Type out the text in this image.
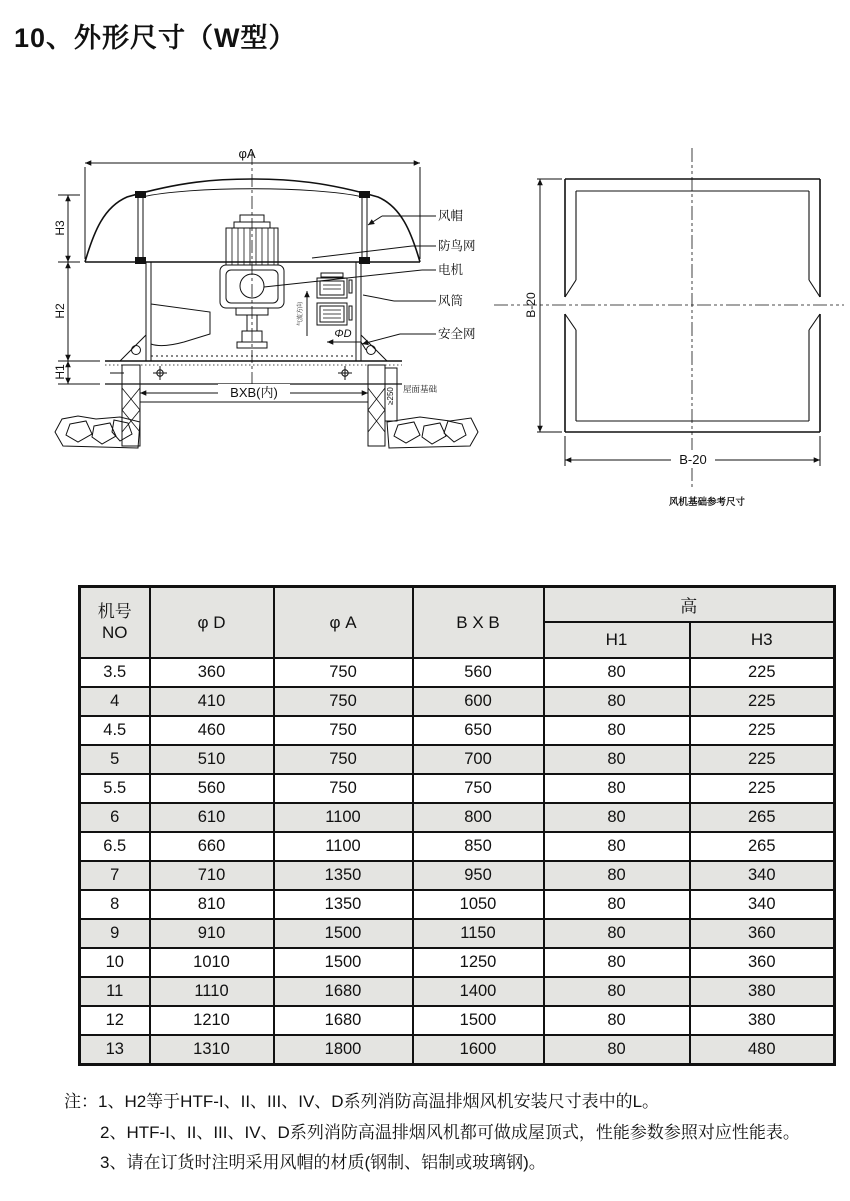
10、外形尺寸（W型）
φA
气流方向
ΦD
BXB(内)	≥250 屋面基础
H3
H2
H1
风帽
防鸟网
电机
风筒
安全网
B-20
B-20
风机基础参考尺寸
机号
NO	φ D	φ A	B X B	高	
				H1	H3
3.5	360	750	560	80	225
4	410	750	600	80	225
4.5	460	750	650	80	225
5	510	750	700	80	225
5.5	560	750	750	80	225
6	610	1100	800	80	265
6.5	660	1100	850	80	265
7	710	1350	950	80	340
8	810	1350	1050	80	340
9	910	1500	1150	80	360
10	1010	1500	1250	80	360
11	1110	1680	1400	80	380
12	1210	1680	1500	80	380
13	1310	1800	1600	80	480
注：1、H2等于HTF-I、II、III、IV、D系列消防高温排烟风机安装尺寸表中的L。
2、HTF-I、II、III、IV、D系列消防高温排烟风机都可做成屋顶式，性能参数参照对应性能表。
3、请在订货时注明采用风帽的材质(钢制、铝制或玻璃钢)。
